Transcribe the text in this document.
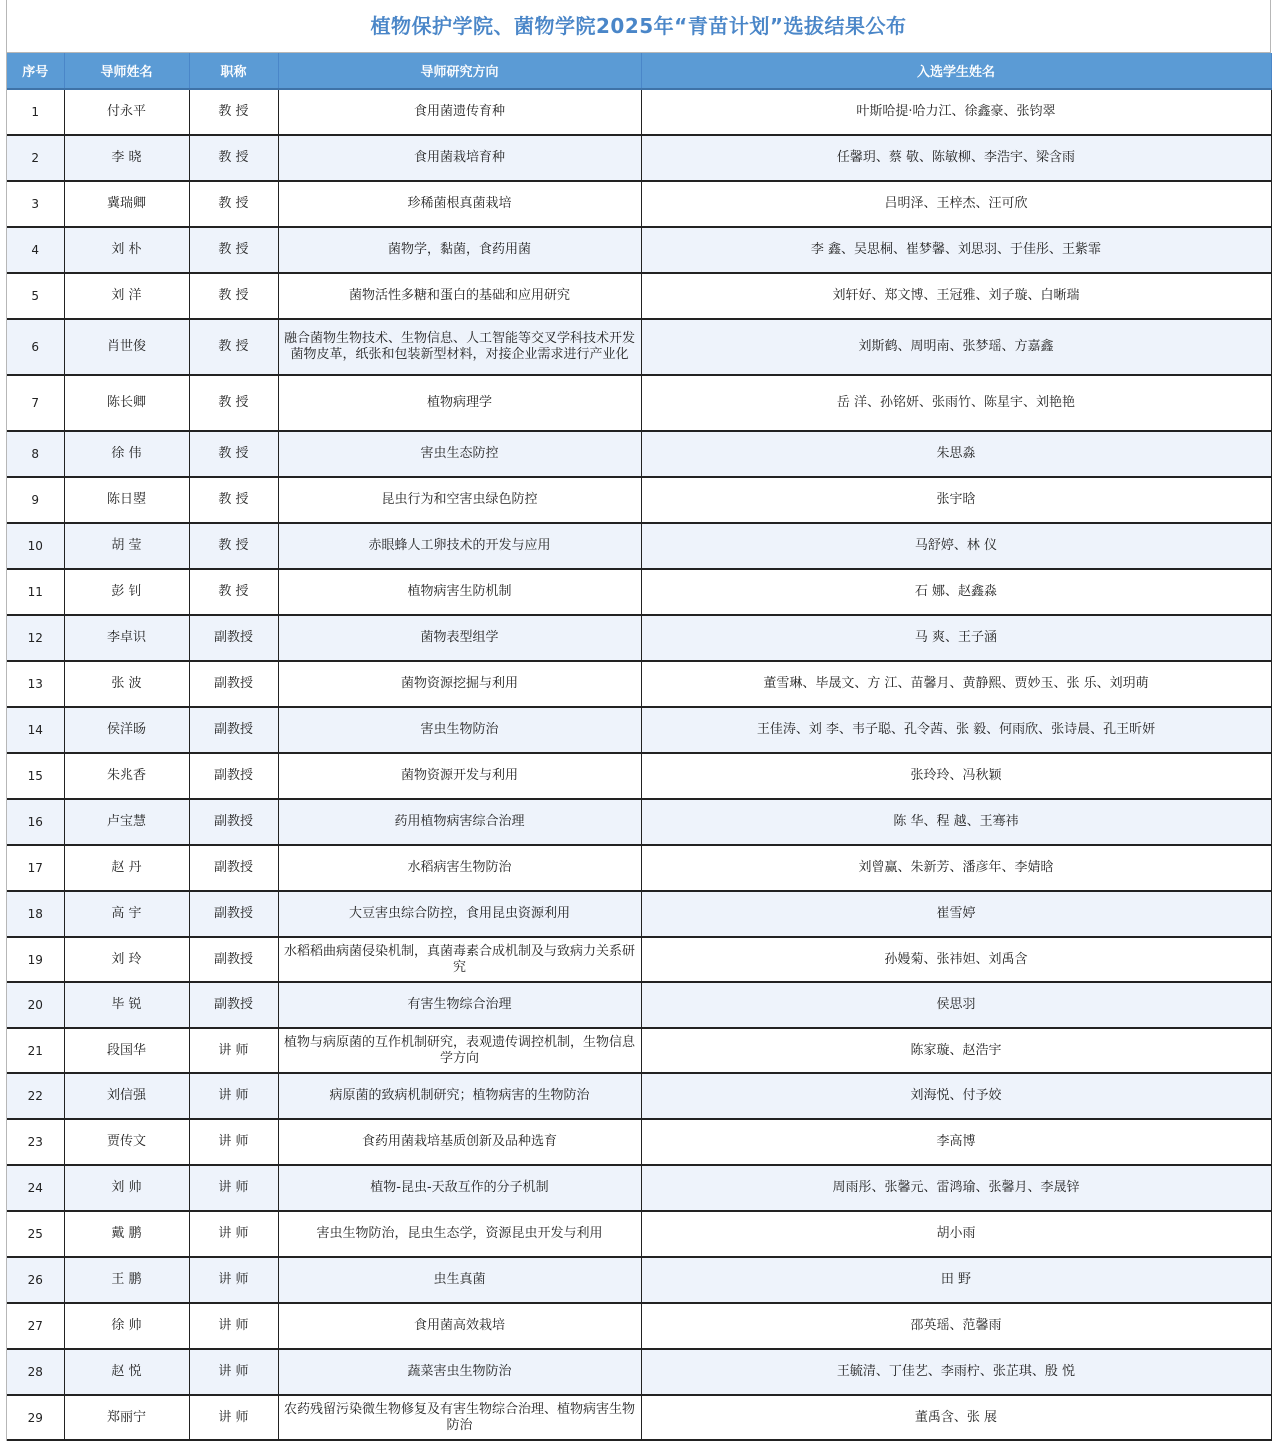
植物保护学院、菌物学院2025年“青苗计划”选拔结果公布
序号	导师姓名	职称	导师研究方向	入选学生姓名
1	付永平	教 授	食用菌遗传育种	叶斯哈提·哈力江、徐鑫豪、张钧翠
2	李 晓	教 授	食用菌栽培育种	任馨玥、蔡 敬、陈敏柳、李浩宇、梁含雨
3	冀瑞卿	教 授	珍稀菌根真菌栽培	吕明泽、王梓杰、汪可欣
4	刘 朴	教 授	菌物学，黏菌，食药用菌	李 鑫、吴思桐、崔梦馨、刘思羽、于佳彤、王紫霏
5	刘 洋	教 授	菌物活性多糖和蛋白的基础和应用研究	刘轩好、郑文博、王冠雅、刘子璇、白晰瑞
6	肖世俊	教 授	融合菌物生物技术、生物信息、人工智能等交叉学科技术开发菌物皮革，纸张和包装新型材料，对接企业需求进行产业化	刘斯鹤、周明南、张梦瑶、方嘉鑫
7	陈长卿	教 授	植物病理学	岳 洋、孙铭妍、张雨竹、陈星宇、刘艳艳
8	徐 伟	教 授	害虫生态防控	朱思淼
9	陈日曌	教 授	昆虫行为和空害虫绿色防控	张宇晗
10	胡 莹	教 授	赤眼蜂人工卵技术的开发与应用	马舒婷、林 仪
11	彭 钊	教 授	植物病害生防机制	石 娜、赵鑫淼
12	李卓识	副教授	菌物表型组学	马 爽、王子涵
13	张 波	副教授	菌物资源挖掘与利用	董雪琳、毕晟文、方 江、苗馨月、黄静熙、贾妙玉、张 乐、刘玥萌
14	侯洋旸	副教授	害虫生物防治	王佳涛、刘 李、韦子聪、孔令茜、张 毅、何雨欣、张诗晨、孔王昕妍
15	朱兆香	副教授	菌物资源开发与利用	张玲玲、冯秋颖
16	卢宝慧	副教授	药用植物病害综合治理	陈 华、程 越、王骞祎
17	赵 丹	副教授	水稻病害生物防治	刘曾赢、朱新芳、潘彦年、李婧晗
18	高 宇	副教授	大豆害虫综合防控，食用昆虫资源利用	崔雪婷
19	刘 玲	副教授	水稻稻曲病菌侵染机制，真菌毒素合成机制及与致病力关系研究	孙嫚菊、张祎妲、刘禹含
20	毕 锐	副教授	有害生物综合治理	侯思羽
21	段国华	讲 师	植物与病原菌的互作机制研究，表观遗传调控机制，生物信息学方向	陈家璇、赵浩宇
22	刘信强	讲 师	病原菌的致病机制研究；植物病害的生物防治	刘海悦、付予姣
23	贾传文	讲 师	食药用菌栽培基质创新及品种选育	李高博
24	刘 帅	讲 师	植物-昆虫-天敌互作的分子机制	周雨彤、张馨元、雷鸿瑜、张馨月、李晟锌
25	戴 鹏	讲 师	害虫生物防治，昆虫生态学，资源昆虫开发与利用	胡小雨
26	王 鹏	讲 师	虫生真菌	田 野
27	徐 帅	讲 师	食用菌高效栽培	邵英瑶、范馨雨
28	赵 悦	讲 师	蔬菜害虫生物防治	王毓清、丁佳艺、李雨柠、张芷琪、殷 悦
29	郑丽宁	讲 师	农药残留污染微生物修复及有害生物综合治理、植物病害生物防治	董禹含、张 展
